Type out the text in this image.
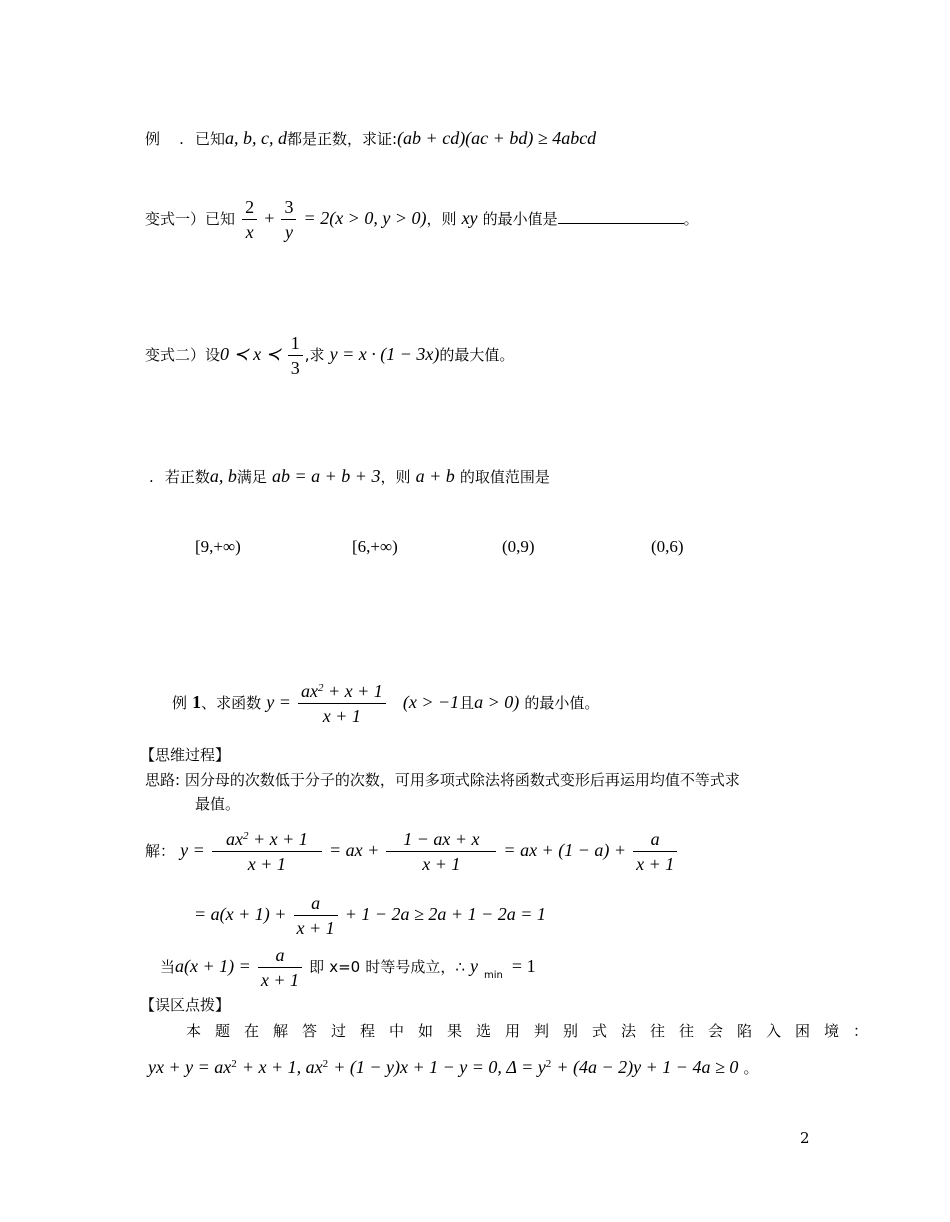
例 . 已知a, b, c, d都是正数，求证:(ab + cd)(ac + bd) ≥ 4abcd
变式一）已知 $\frac{2}{x} + \frac{3}{y} = 2(x > 0$, y > 0)，则 xy 的最小值是	。
变式二）设0 ≺ x ≺ $\frac{1}{3}$ ,求 y = x · (1 − 3x)的最大值。
. 若正数a, b满足 ab = a + b + 3，则 a + b 的取值范围是
[9,+∞)	[6,+∞)	(0,9)	(0,6)
例 1、求函数 $y = \frac{ax^2 + x + 1}{x + 1} (x > -1$且a > 0) 的最小值。
【思维过程】
思路: 因分母的次数低于分子的次数，可用多项式除法将函数式变形后再运用均值不等式求
最值。
解： $y = \frac{ax^2 + x + 1}{x + 1}$ = ax + $\frac{1 - ax + x}{x + 1}$ = ax + $(1 - a) + \frac{a}{x + 1}$
= $a(x + 1) + \frac{a}{x + 1} + 1 - 2a \ge 2a + 1 - 2a = 1$
当$a(x + 1) = \frac{a}{x + 1}$ 即 x=0 时等号成立，∴ y $_{min}$ = 1
【误区点拨】
本题在解答过程中如果选用判别式法往往会陷入困境：
yx + $y = ax^2 + x + 1$, $ax^2 + (1 - y)x + 1 - y = 0$, $\Delta = y^2 + (4a - 2)y + 1 - 4a \ge 0$ 。
2
